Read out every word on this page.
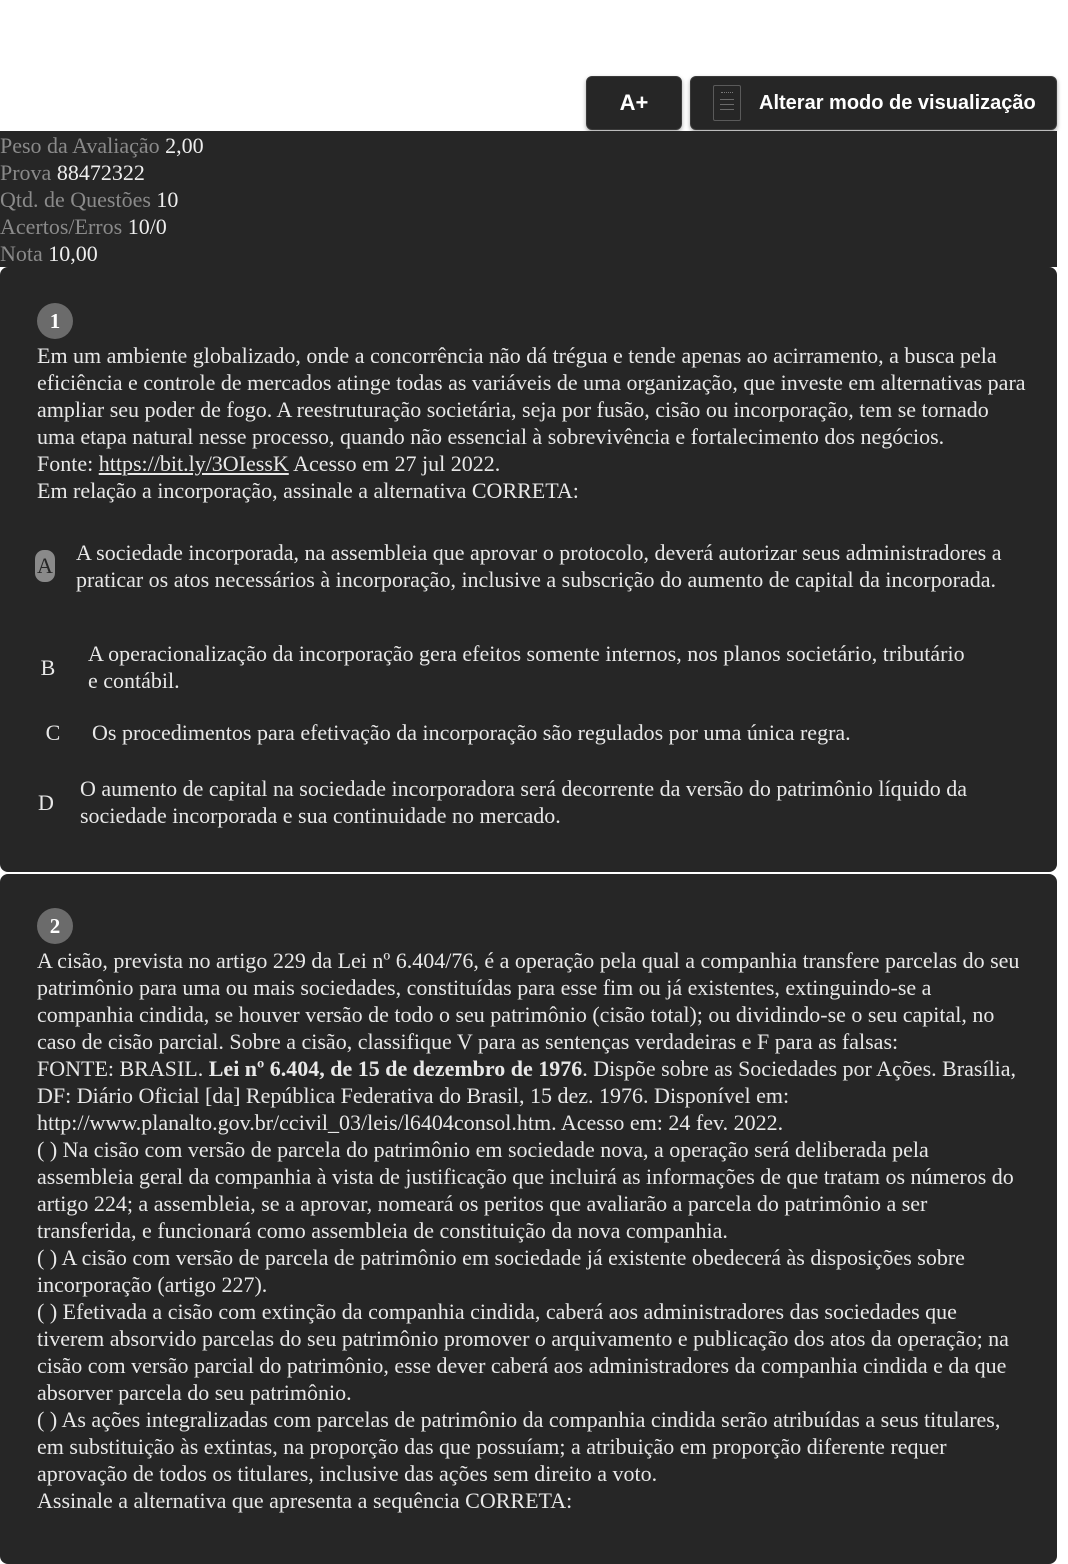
A+	Alterar modo de visualização
Peso da Avaliação 2,00
Prova 88472322
Qtd. de Questões 10
Acertos/Erros 10/0
Nota 10,00
1

Em um ambiente globalizado, onde a concorrência não dá trégua e tende apenas ao acirramento, a busca pela eficiência e controle de mercados atinge todas as variáveis de uma organização, que investe em alternativas para ampliar seu poder de fogo. A reestruturação societária, seja por fusão, cisão ou incorporação, tem se tornado uma etapa natural nesse processo, quando não essencial à sobrevivência e fortalecimento dos negócios.

Fonte: https://bit.ly/3OIessK Acesso em 27 jul 2022.

Em relação a incorporação, assinale a alternativa CORRETA:

A
A sociedade incorporada, na assembleia que aprovar o protocolo, deverá autorizar seus administradores a praticar os atos necessários à incorporação, inclusive a subscrição do aumento de capital da incorporada.
B
A operacionalização da incorporação gera efeitos somente internos, nos planos societário, tributário e contábil.
C Os procedimentos para efetivação da incorporação são regulados por uma única regra.
D
O aumento de capital na sociedade incorporadora será decorrente da versão do patrimônio líquido da sociedade incorporada e sua continuidade no mercado.
2

A cisão, prevista no artigo 229 da Lei nº 6.404/76, é a operação pela qual a companhia transfere parcelas do seu patrimônio para uma ou mais sociedades, constituídas para esse fim ou já existentes, extinguindo-se a companhia cindida, se houver versão de todo o seu patrimônio (cisão total); ou dividindo-se o seu capital, no caso de cisão parcial. Sobre a cisão, classifique V para as sentenças verdadeiras e F para as falsas:

FONTE: BRASIL. Lei nº 6.404, de 15 de dezembro de 1976. Dispõe sobre as Sociedades por Ações. Brasília, DF: Diário Oficial [da] República Federativa do Brasil, 15 dez. 1976. Disponível em: http://www.planalto.gov.br/ccivil_03/leis/l6404consol.htm. Acesso em: 24 fev. 2022.

( ) Na cisão com versão de parcela do patrimônio em sociedade nova, a operação será deliberada pela assembleia geral da companhia à vista de justificação que incluirá as informações de que tratam os números do artigo 224; a assembleia, se a aprovar, nomeará os peritos que avaliarão a parcela do patrimônio a ser transferida, e funcionará como assembleia de constituição da nova companhia.

( ) A cisão com versão de parcela de patrimônio em sociedade já existente obedecerá às disposições sobre incorporação (artigo 227).

( ) Efetivada a cisão com extinção da companhia cindida, caberá aos administradores das sociedades que tiverem absorvido parcelas do seu patrimônio promover o arquivamento e publicação dos atos da operação; na cisão com versão parcial do patrimônio, esse dever caberá aos administradores da companhia cindida e da que absorver parcela do seu patrimônio.

( ) As ações integralizadas com parcelas de patrimônio da companhia cindida serão atribuídas a seus titulares, em substituição às extintas, na proporção das que possuíam; a atribuição em proporção diferente requer aprovação de todos os titulares, inclusive das ações sem direito a voto.

Assinale a alternativa que apresenta a sequência CORRETA:
